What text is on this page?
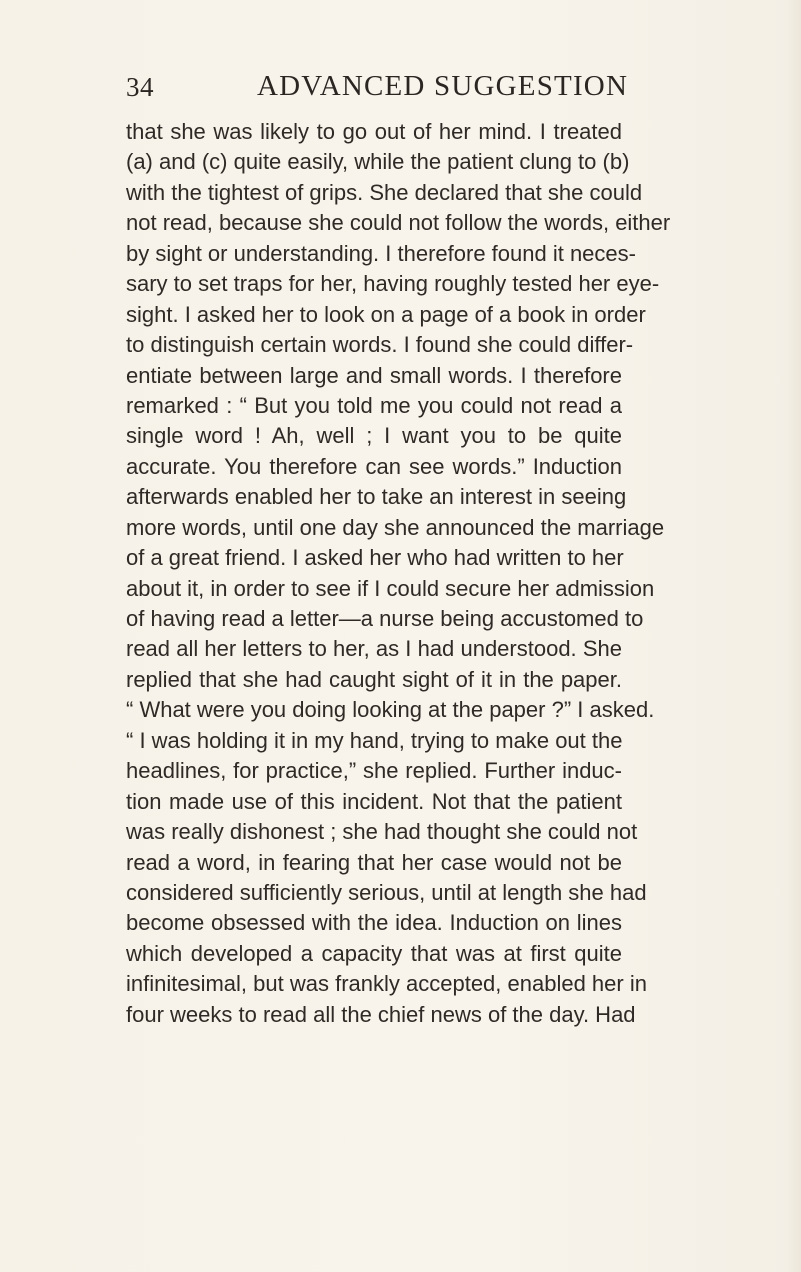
34	ADVANCED SUGGESTION
that she was likely to go out of her mind. I treated
(a) and (c) quite easily, while the patient clung to (b)
with the tightest of grips. She declared that she could
not read, because she could not follow the words, either
by sight or understanding. I therefore found it neces-
sary to set traps for her, having roughly tested her eye-
sight. I asked her to look on a page of a book in order
to distinguish certain words. I found she could differ-
entiate between large and small words. I therefore
remarked : “ But you told me you could not read a
single word ! Ah, well ; I want you to be quite
accurate. You therefore can see words.” Induction
afterwards enabled her to take an interest in seeing
more words, until one day she announced the marriage
of a great friend. I asked her who had written to her
about it, in order to see if I could secure her admission
of having read a letter—a nurse being accustomed to
read all her letters to her, as I had understood. She
replied that she had caught sight of it in the paper.
“ What were you doing looking at the paper ?” I asked.
“ I was holding it in my hand, trying to make out the
headlines, for practice,” she replied. Further induc-
tion made use of this incident. Not that the patient
was really dishonest ; she had thought she could not
read a word, in fearing that her case would not be
considered sufficiently serious, until at length she had
become obsessed with the idea. Induction on lines
which developed a capacity that was at first quite
infinitesimal, but was frankly accepted, enabled her in
four weeks to read all the chief news of the day. Had
